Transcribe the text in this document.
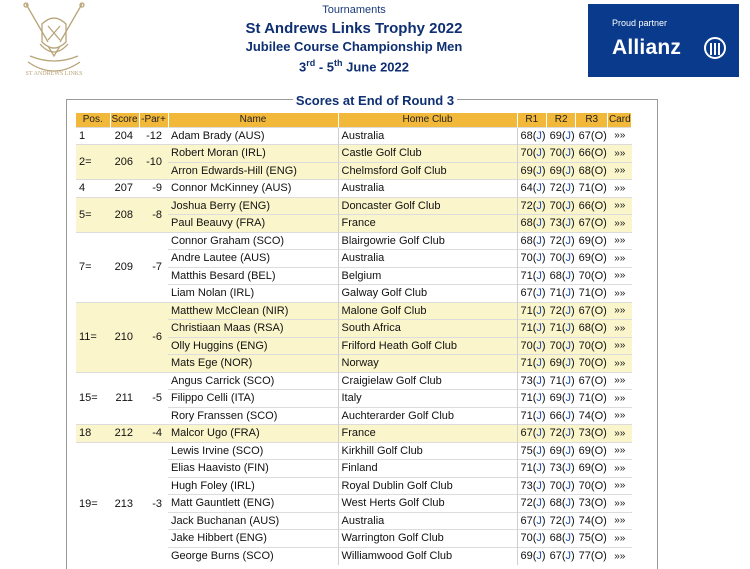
ST ANDREWS LINKS
Tournaments
St Andrews Links Trophy 2022
Jubilee Course Championship Men
3rd - 5th June 2022
Proud partner
Allianz
Scores at End of Round 3
Pos.	Score	-Par+	Name	Home Club	R1	R2	R3	Card
1	204	-12	Adam Brady (AUS)	Australia	68(J)	69(J)	67(O)	»»
2=	206	-10	Robert Moran (IRL)	Castle Golf Club	70(J)	70(J)	66(O)	»»
			Arron Edwards-Hill (ENG)	Chelmsford Golf Club	69(J)	69(J)	68(O)	»»
4	207	-9	Connor McKinney (AUS)	Australia	64(J)	72(J)	71(O)	»»
5=	208	-8	Joshua Berry (ENG)	Doncaster Golf Club	72(J)	70(J)	66(O)	»»
			Paul Beauvy (FRA)	France	68(J)	73(J)	67(O)	»»
7=	209	-7	Connor Graham (SCO)	Blairgowrie Golf Club	68(J)	72(J)	69(O)	»»
			Andre Lautee (AUS)	Australia	70(J)	70(J)	69(O)	»»
			Matthis Besard (BEL)	Belgium	71(J)	68(J)	70(O)	»»
			Liam Nolan (IRL)	Galway Golf Club	67(J)	71(J)	71(O)	»»
11=	210	-6	Matthew McClean (NIR)	Malone Golf Club	71(J)	72(J)	67(O)	»»
			Christiaan Maas (RSA)	South Africa	71(J)	71(J)	68(O)	»»
			Olly Huggins (ENG)	Frilford Heath Golf Club	70(J)	70(J)	70(O)	»»
			Mats Ege (NOR)	Norway	71(J)	69(J)	70(O)	»»
15=	211	-5	Angus Carrick (SCO)	Craigielaw Golf Club	73(J)	71(J)	67(O)	»»
			Filippo Celli (ITA)	Italy	71(J)	69(J)	71(O)	»»
			Rory Franssen (SCO)	Auchterarder Golf Club	71(J)	66(J)	74(O)	»»
18	212	-4	Malcor Ugo (FRA)	France	67(J)	72(J)	73(O)	»»
19=	213	-3	Lewis Irvine (SCO)	Kirkhill Golf Club	75(J)	69(J)	69(O)	»»
			Elias Haavisto (FIN)	Finland	71(J)	73(J)	69(O)	»»
			Hugh Foley (IRL)	Royal Dublin Golf Club	73(J)	70(J)	70(O)	»»
			Matt Gauntlett (ENG)	West Herts Golf Club	72(J)	68(J)	73(O)	»»
			Jack Buchanan (AUS)	Australia	67(J)	72(J)	74(O)	»»
			Jake Hibbert (ENG)	Warrington Golf Club	70(J)	68(J)	75(O)	»»
			George Burns (SCO)	Williamwood Golf Club	69(J)	67(J)	77(O)	»»
